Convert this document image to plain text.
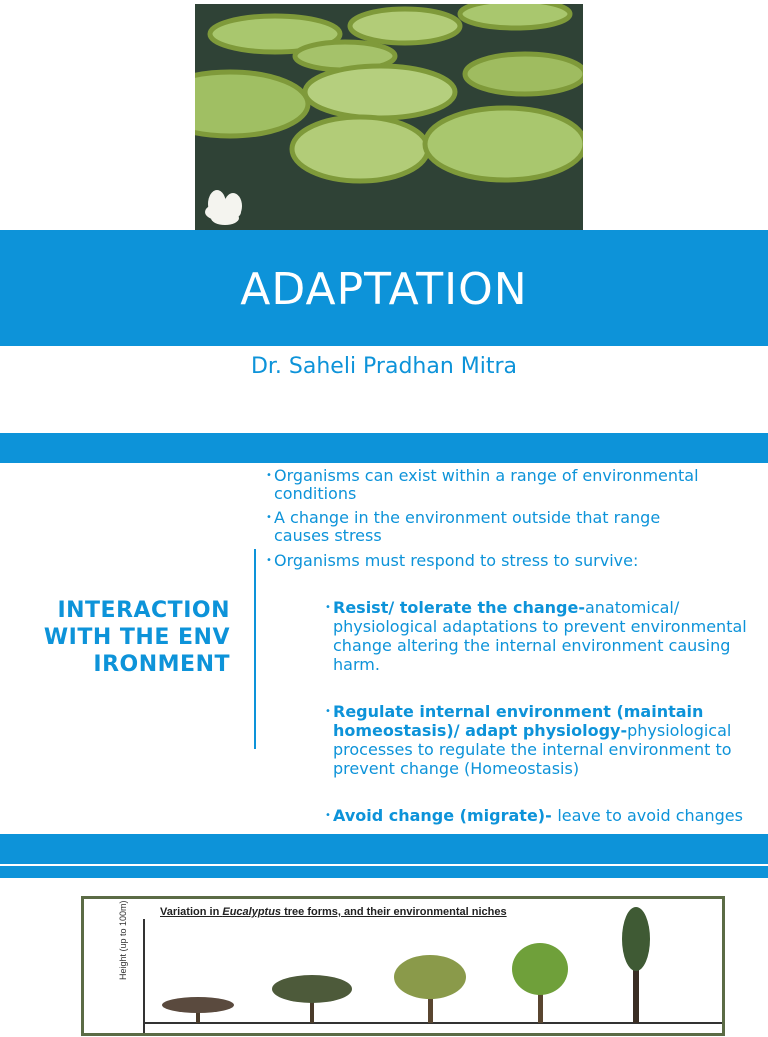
ADAPTATION
Dr. Saheli Pradhan Mitra
INTERACTION WITH THE ENVIRONMENT
• Organisms can exist within a range of environmental conditions
• A change in the environment outside that range causes stress
• Organisms must respond to stress to survive:
• Resist/ tolerate the change-anatomical/ physiological adaptations to prevent environmental change altering the internal environment causing harm.
• Regulate internal environment (maintain homeostasis)/ adapt physiology-physiological processes to regulate the internal environment to prevent change (Homeostasis)
• Avoid change (migrate)- leave to avoid changes
Variation in Eucalyptus tree forms, and their environmental niches
Height (up to 100m)
